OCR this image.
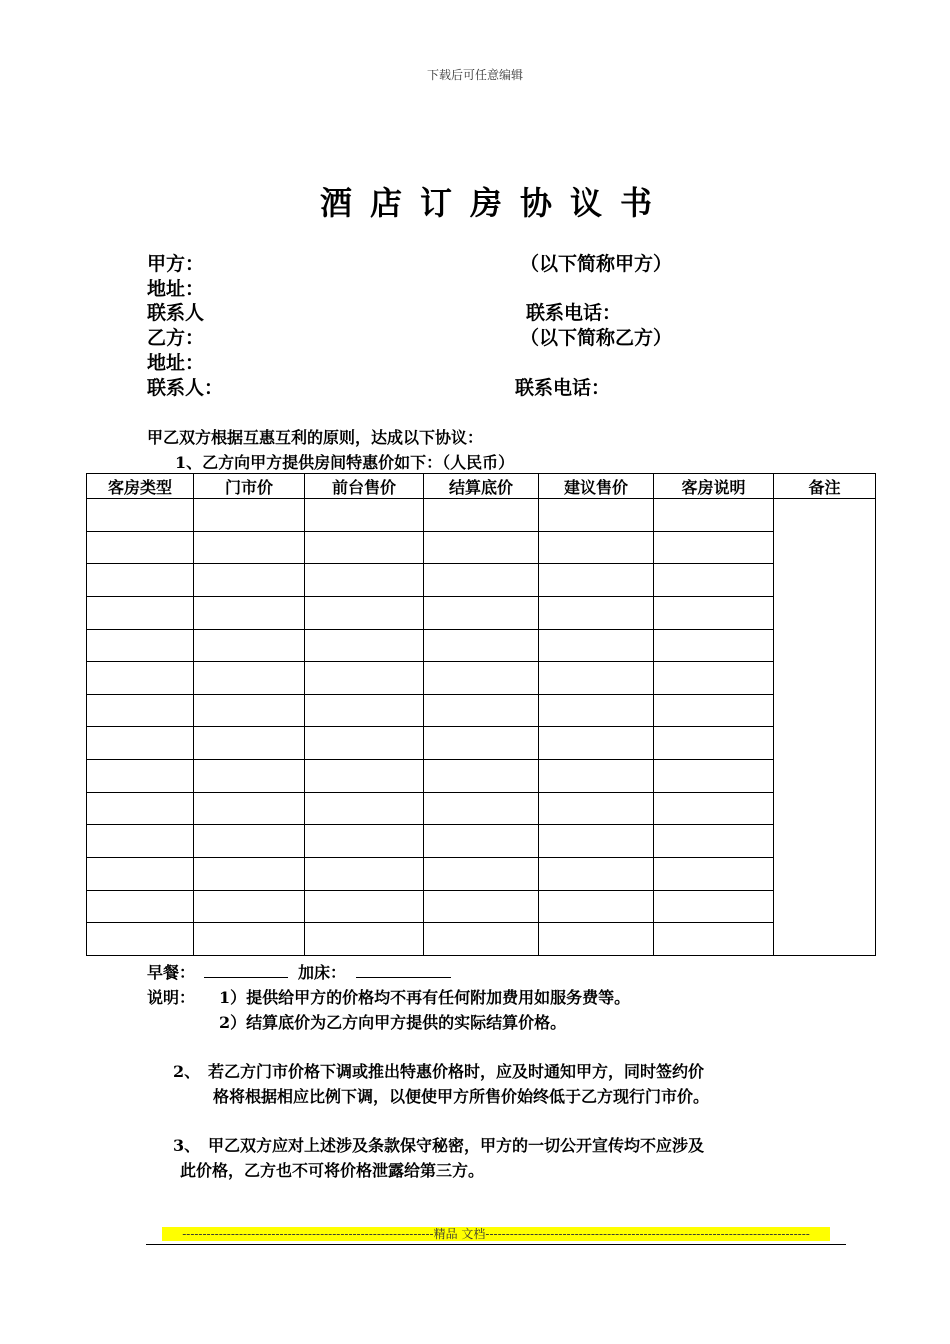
下载后可任意编辑
酒店订房协议书
甲方：	（以下简称甲方）
地址：
联系人	联系电话：
乙方：	（以下简称乙方）
地址：
联系人：	联系电话：
甲乙双方根据互惠互利的原则，达成以下协议：
1、乙方向甲方提供房间特惠价如下：（人民币）
客房类型	门市价	前台售价	结算底价	建议售价	客房说明	备注

早餐：	加床：
说明： 1）提供给甲方的价格均不再有任何附加费用如服务费等。
2）结算底价为乙方向甲方提供的实际结算价格。
2、 若乙方门市价格下调或推出特惠价格时，应及时通知甲方，同时签约价
格将根据相应比例下调，以便使甲方所售价始终低于乙方现行门市价。
3、 甲乙双方应对上述涉及条款保守秘密，甲方的一切公开宣传均不应涉及
此价格，乙方也不可将价格泄露给第三方。
--------------------------------------------------------------精品 文档--------------------------------------------------------------------------------
